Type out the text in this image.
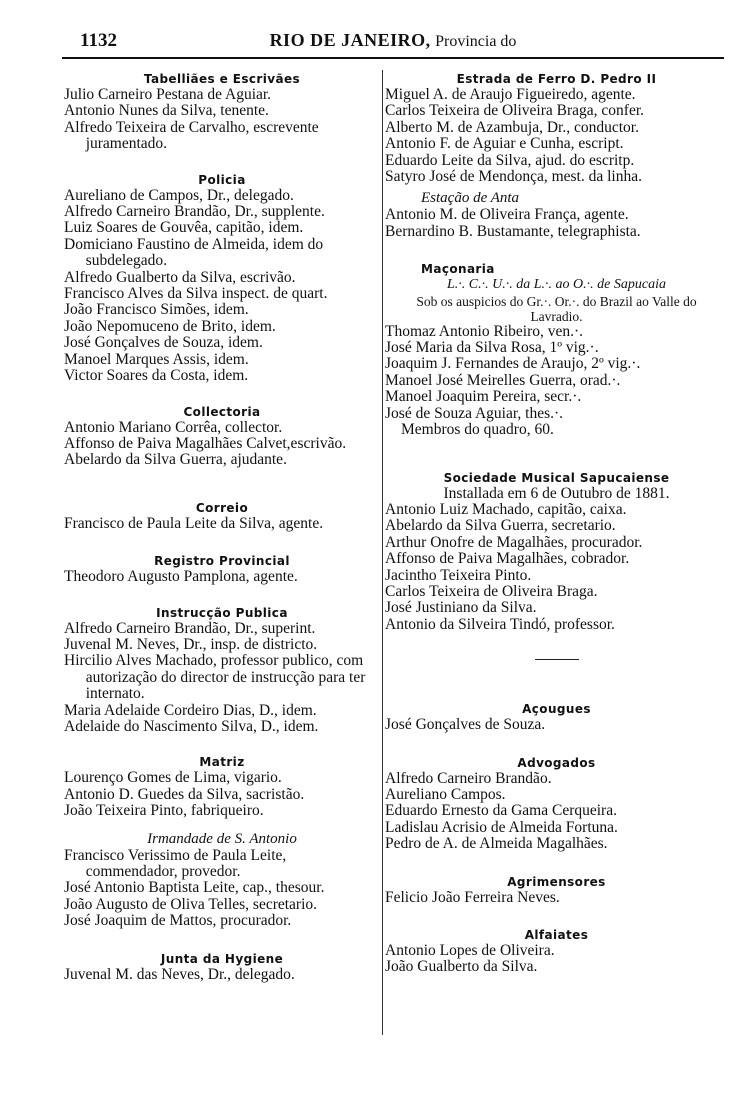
1132	RIO DE JANEIRO, Provincia do
Tabelliães e Escrivães
Julio Carneiro Pestana de Aguiar.
Antonio Nunes da Silva, tenente.
Alfredo Teixeira de Carvalho, escrevente juramentado.
Policia
Aureliano de Campos, Dr., delegado.
Alfredo Carneiro Brandão, Dr., supplente.
Luiz Soares de Gouvêa, capitão, idem.
Domiciano Faustino de Almeida, idem do subdelegado.
Alfredo Gualberto da Silva, escrivão.
Francisco Alves da Silva inspect. de quart.
João Francisco Simões, idem.
João Nepomuceno de Brito, idem.
José Gonçalves de Souza, idem.
Manoel Marques Assis, idem.
Victor Soares da Costa, idem.
Collectoria
Antonio Mariano Corrêa, collector.
Affonso de Paiva Magalhães Calvet,escrivão.
Abelardo da Silva Guerra, ajudante.
Correio
Francisco de Paula Leite da Silva, agente.
Registro Provincial
Theodoro Augusto Pamplona, agente.
Instrucção Publica
Alfredo Carneiro Brandão, Dr., superint.
Juvenal M. Neves, Dr., insp. de districto.
Hircilio Alves Machado, professor publico, com autorização do director de instrucção para ter internato.
Maria Adelaide Cordeiro Dias, D., idem.
Adelaide do Nascimento Silva, D., idem.
Matriz
Lourenço Gomes de Lima, vigario.
Antonio D. Guedes da Silva, sacristão.
João Teixeira Pinto, fabriqueiro.
Irmandade de S. Antonio
Francisco Verissimo de Paula Leite, commendador, provedor.
José Antonio Baptista Leite, cap., thesour.
João Augusto de Oliva Telles, secretario.
José Joaquim de Mattos, procurador.
Junta da Hygiene
Juvenal M. das Neves, Dr., delegado.
Estrada de Ferro D. Pedro II
Miguel A. de Araujo Figueiredo, agente.
Carlos Teixeira de Oliveira Braga, confer.
Alberto M. de Azambuja, Dr., conductor.
Antonio F. de Aguiar e Cunha, escript.
Eduardo Leite da Silva, ajud. do escritp.
Satyro José de Mendonça, mest. da linha.
Estação de Anta
Antonio M. de Oliveira França, agente.
Bernardino B. Bustamante, telegraphista.
Maçonaria
L.·. C.·. U.·. da L.·. ao O.·. de Sapucaia
Sob os auspicios do Gr.·. Or.·. do Brazil ao Valle do Lavradio.
Thomaz Antonio Ribeiro, ven.·.
José Maria da Silva Rosa, 1º vig.·.
Joaquim J. Fernandes de Araujo, 2º vig.·.
Manoel José Meirelles Guerra, orad.·.
Manoel Joaquim Pereira, secr.·.
José de Souza Aguiar, thes.·.
Membros do quadro, 60.
Sociedade Musical Sapucaiense
Installada em 6 de Outubro de 1881.
Antonio Luiz Machado, capitão, caixa.
Abelardo da Silva Guerra, secretario.
Arthur Onofre de Magalhães, procurador.
Affonso de Paiva Magalhães, cobrador.
Jacintho Teixeira Pinto.
Carlos Teixeira de Oliveira Braga.
José Justiniano da Silva.
Antonio da Silveira Tindó, professor.
Açougues
José Gonçalves de Souza.
Advogados
Alfredo Carneiro Brandão.
Aureliano Campos.
Eduardo Ernesto da Gama Cerqueira.
Ladislau Acrisio de Almeida Fortuna.
Pedro de A. de Almeida Magalhães.
Agrimensores
Felicio João Ferreira Neves.
Alfaiates
Antonio Lopes de Oliveira.
João Gualberto da Silva.
